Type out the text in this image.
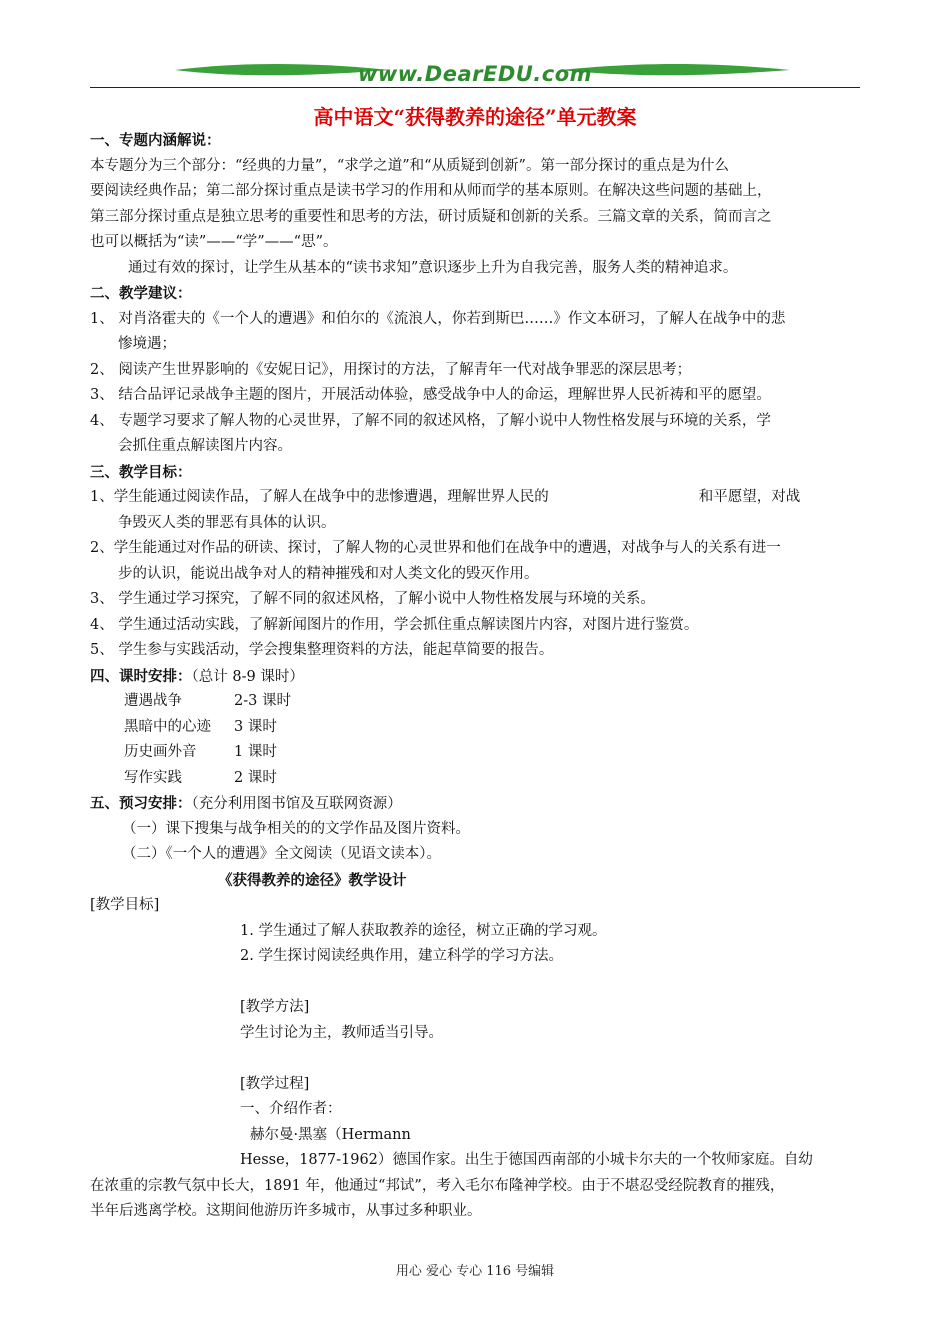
www.DearEDU.com
高中语文“获得教养的途径”单元教案
一、专题内涵解说：
本专题分为三个部分：“经典的力量”，“求学之道”和“从质疑到创新”。第一部分探讨的重点是为什么
要阅读经典作品；第二部分探讨重点是读书学习的作用和从师而学的基本原则。在解决这些问题的基础上，
第三部分探讨重点是独立思考的重要性和思考的方法，研讨质疑和创新的关系。三篇文章的关系，简而言之
也可以概括为“读”——“学”——“思”。
通过有效的探讨，让学生从基本的“读书求知”意识逐步上升为自我完善，服务人类的精神追求。
二、教学建议：
1、 对肖洛霍夫的《一个人的遭遇》和伯尔的《流浪人，你若到斯巴……》作文本研习，了解人在战争中的悲
惨境遇；
2、 阅读产生世界影响的《安妮日记》，用探讨的方法，了解青年一代对战争罪恶的深层思考；
3、 结合品评记录战争主题的图片，开展活动体验，感受战争中人的命运，理解世界人民祈祷和平的愿望。
4、 专题学习要求了解人物的心灵世界，了解不同的叙述风格，了解小说中人物性格发展与环境的关系，学
会抓住重点解读图片内容。
三、教学目标：
1、学生能通过阅读作品，了解人在战争中的悲惨遭遇，理解世界人民的	和平愿望，对战
争毁灭人类的罪恶有具体的认识。
2、学生能通过对作品的研读、探讨，了解人物的心灵世界和他们在战争中的遭遇，对战争与人的关系有进一
步的认识，能说出战争对人的精神摧残和对人类文化的毁灭作用。
3、 学生通过学习探究，了解不同的叙述风格，了解小说中人物性格发展与环境的关系。
4、 学生通过活动实践，了解新闻图片的作用，学会抓住重点解读图片内容，对图片进行鉴赏。
5、 学生参与实践活动，学会搜集整理资料的方法，能起草简要的报告。
四、课时安排：（总计 8-9 课时）
遭遇战争	2-3 课时
黑暗中的心迹 3 课时
历史画外音	1 课时
写作实践	2 课时
五、预习安排：（充分利用图书馆及互联网资源）
（一）课下搜集与战争相关的的文学作品及图片资料。
（二）《一个人的遭遇》全文阅读（见语文读本）。
《获得教养的途径》教学设计
[教学目标]
1. 学生通过了解人获取教养的途径，树立正确的学习观。
2. 学生探讨阅读经典作用，建立科学的学习方法。
[教学方法]
学生讨论为主，教师适当引导。
[教学过程]
一、介绍作者：
赫尔曼·黑塞（Hermann
Hesse，1877-1962）德国作家。出生于德国西南部的小城卡尔夫的一个牧师家庭。自幼
在浓重的宗教气氛中长大，1891 年，他通过“邦试”，考入毛尔布隆神学校。由于不堪忍受经院教育的摧残，
半年后逃离学校。这期间他游历许多城市，从事过多种职业。
用心 爱心 专心 116 号编辑
